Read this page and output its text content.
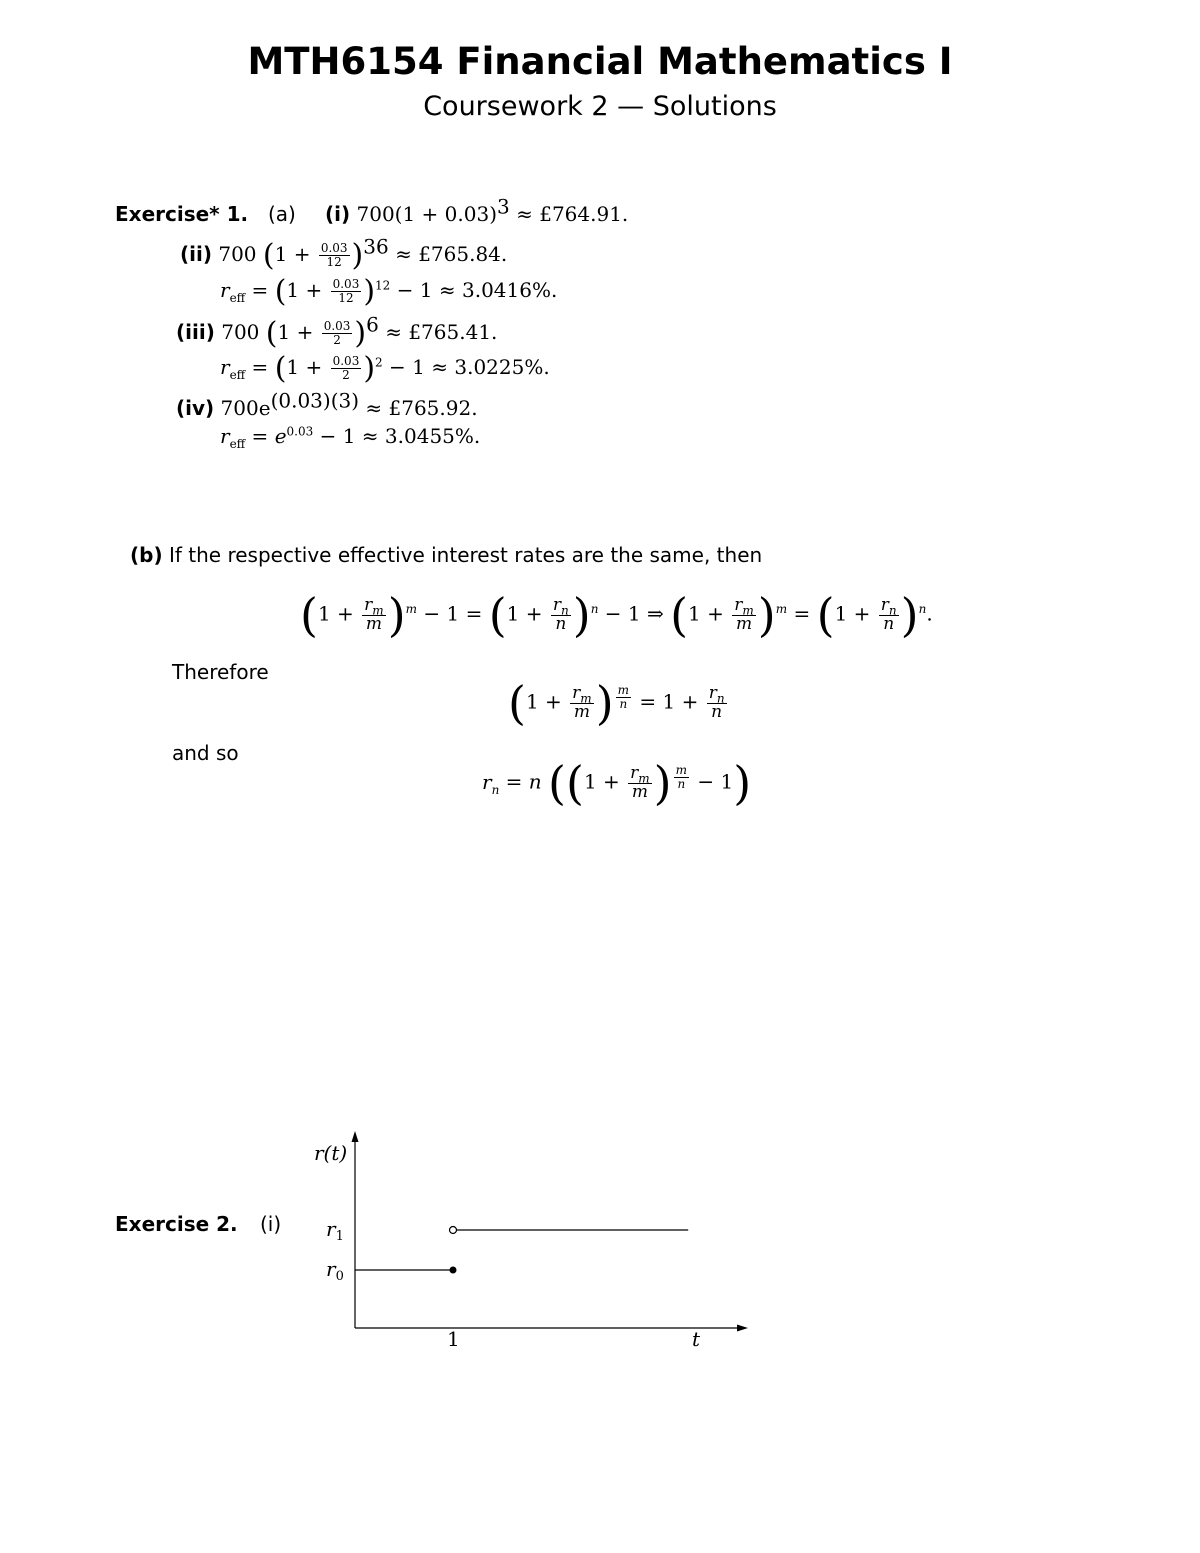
MTH6154 Financial Mathematics I
Coursework 2 — Solutions
Exercise* 1. (a) (i) $700(1 + 0.03)^3$ ≈ £764.91.
(ii) 700 $(1 + \frac{0.03}{12} )^{36}$ ≈ £765.84.
$r_{eff} = (1 + \frac{0.03}{12} )^{12} - 1 \approx 3.0416\%$.
(iii) 700 $(1 + \frac{0.03}{2} )^6$ ≈ £765.41.
$r_{eff} = (1 + \frac{0.03}{2} )^2 - 1 \approx 3.0225\%$.
(iv) $700e^{(0.03)(3)}$ ≈ £765.92.
$r_{eff} = e^{0.03} - 1 \approx 3.0455\%$.
(b) If the respective effective interest rates are the same, then
$(1 + \frac{r_m}{m} )^m - 1 = (1 + \frac{r_n}{n} )^n - 1$ ⇒ $(1 + \frac{r_m}{m} )^m = (1 + \frac{r_n}{n} )^n$.
Therefore
($1 + \frac{r_m}{m}$ ) $^{\frac{m}{n}} = 1 + \frac{r_n}{n}$
and so
$r_n = n$ (($1 + \frac{r_m}{m}$ ) $^{\frac{m}{n}}$ − 1)
Exercise 2. (i)
r(t)
t
1
$r_1$
$r_0$
